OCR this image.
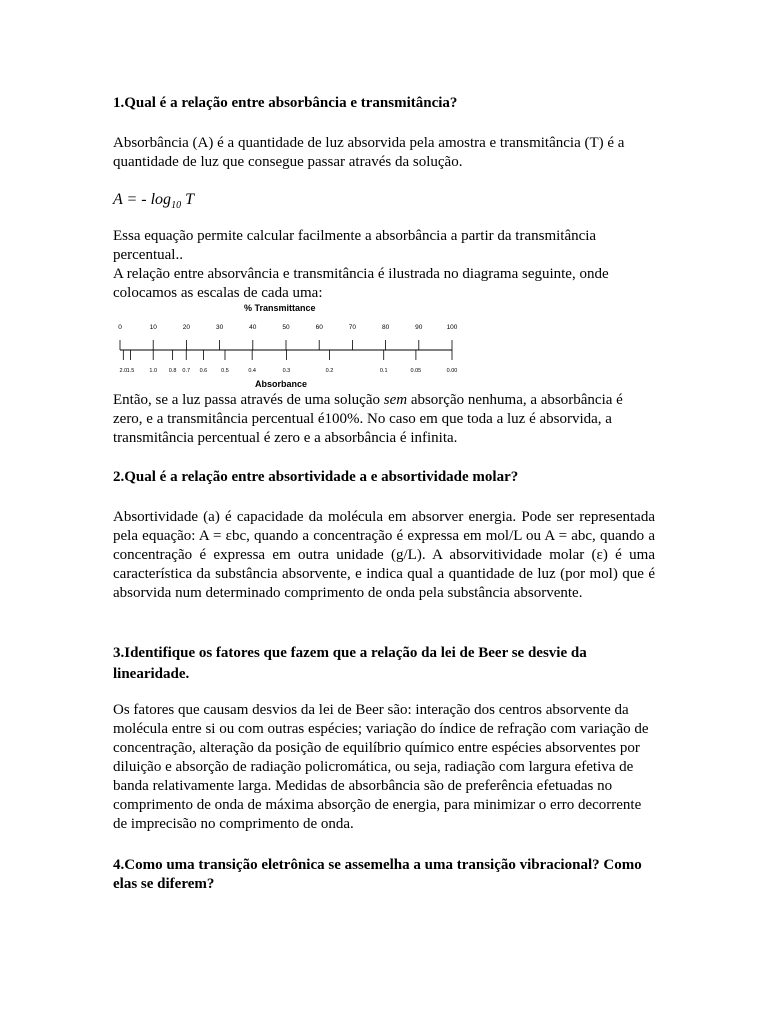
1.Qual é a relação entre absorbância e transmitância?
Absorbância (A) é a quantidade de luz absorvida pela amostra e transmitância (T) é a quantidade de luz que consegue passar através da solução.
A = - $\log_{10} T$
Essa equação permite calcular facilmente a absorbância a partir da transmitância percentual..
A relação entre absorvância e transmitância é ilustrada no diagrama seguinte, onde colocamos as escalas de cada uma:
% Transmittance
0	10	20	30	40	50	60	70	80	90	100
2.0 1.5	1.0 0.8 0.7 0.6	0.5	0.4	0.3	0.2	0.1	0.05	0.00
Absorbance
Então, se a luz passa através de uma solução sem absorção nenhuma, a absorbância é zero, e a transmitância percentual é100%. No caso em que toda a luz é absorvida, a transmitância percentual é zero e a absorbância é infinita.
2.Qual é a relação entre absortividade a e absortividade molar?
Absortividade (a) é capacidade da molécula em absorver energia. Pode ser representada pela equação: A = εbc, quando a concentração é expressa em mol/L ou A = abc, quando a concentração é expressa em outra unidade (g/L). A absorvitividade molar (ε) é uma característica da substância absorvente, e indica qual a quantidade de luz (por mol) que é absorvida num determinado comprimento de onda pela substância absorvente.
3.Identifique os fatores que fazem que a relação da lei de Beer se desvie da linearidade.
Os fatores que causam desvios da lei de Beer são: interação dos centros absorvente da molécula entre si ou com outras espécies; variação do índice de refração com variação de concentração, alteração da posição de equilíbrio químico entre espécies absorventes por diluição e absorção de radiação policromática, ou seja, radiação com largura efetiva de banda relativamente larga. Medidas de absorbância são de preferência efetuadas no comprimento de onda de máxima absorção de energia, para minimizar o erro decorrente de imprecisão no comprimento de onda.
4.Como uma transição eletrônica se assemelha a uma transição vibracional? Como elas se diferem?
